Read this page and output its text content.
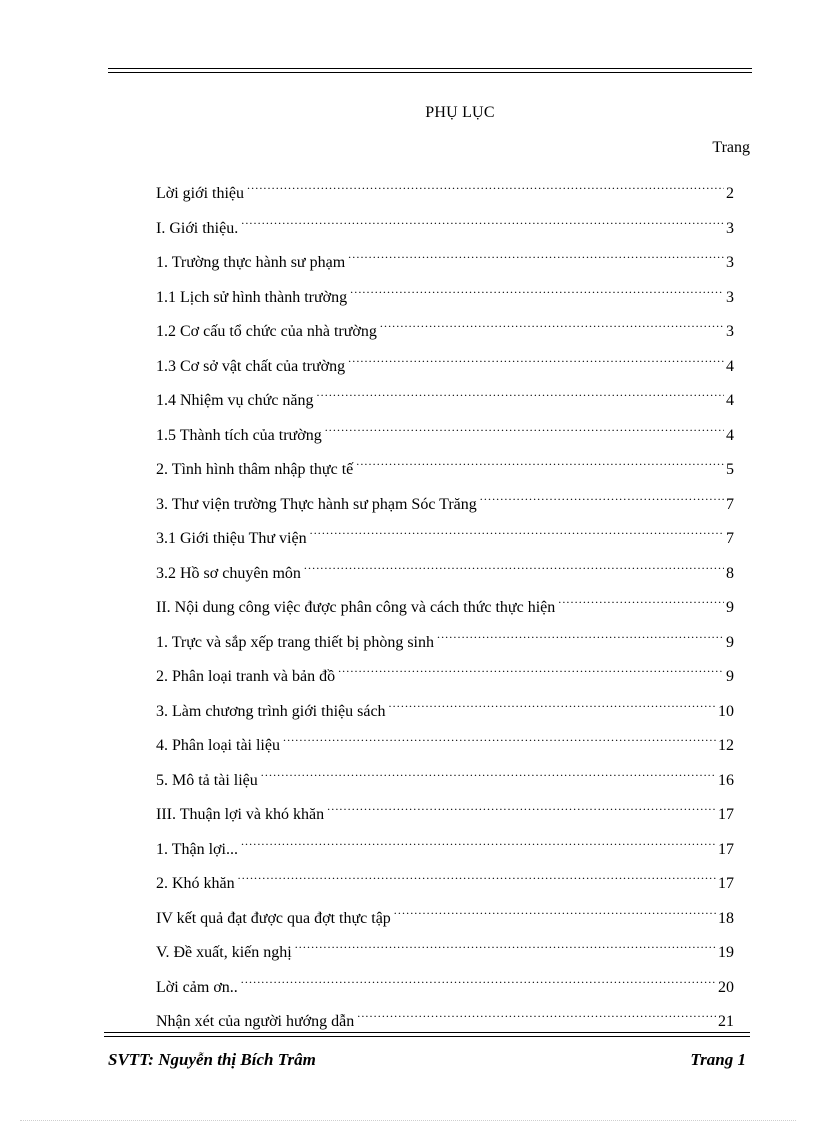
PHỤ LỤC
Trang
Lời giới thiệu .....	2
I. Giới thiệu. .....	3
1. Trường thực hành sư phạm .....	3
1.1 Lịch sử hình thành trường .....	3
1.2 Cơ cấu tổ chức của nhà trường .....	3
1.3 Cơ sở vật chất của trường .....	4
1.4 Nhiệm vụ chức năng .....	4
1.5 Thành tích của trường .....	4
2. Tình hình thâm nhập thực tế .....	5
3. Thư viện trường Thực hành sư phạm Sóc Trăng .....	7
3.1 Giới thiệu Thư viện .....	7
3.2 Hồ sơ chuyên môn .....	8
II. Nội dung công việc được phân công và cách thức thực hiện .....	9
1. Trực và sắp xếp trang thiết bị phòng sinh .....	9
2. Phân loại tranh và bản đồ .....	9
3. Làm chương trình giới thiệu sách .....	10
4. Phân loại tài liệu .....	12
5. Mô tả tài liệu .....	16
III. Thuận lợi và khó khăn .....	17
1. Thận lợi... .....	17
2. Khó khăn .....	17
IV kết quả đạt được qua đợt thực tập .....	18
V. Đề xuất, kiến nghị .....	19
Lời cảm ơn.. .....	20
Nhận xét của người hướng dẫn .....	21
SVTT: Nguyễn thị Bích Trâm	Trang 1
